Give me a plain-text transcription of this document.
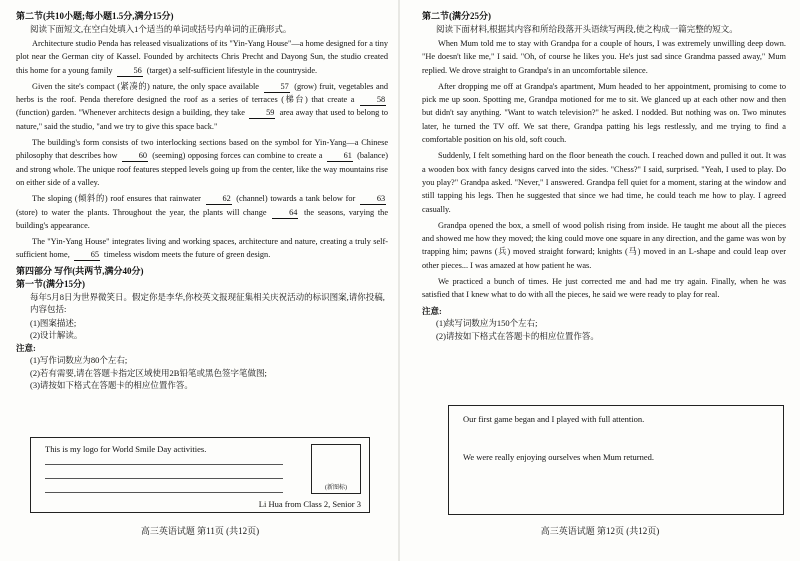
第二节(共10小题;每小题1.5分,满分15分)

阅读下面短文,在空白处填入1个适当的单词或括号内单词的正确形式。

Architecture studio Penda has released visualizations of its "Yin-Yang House"—a home designed for a tiny plot near the German city of Kassel. Founded by architects Chris Precht and Dayong Sun, the studio created this home for a young family	56 (target) a self-sufficient lifestyle in the countryside.

Given the site's compact (紧凑的) nature, the only space available	57 (grow) fruit, vegetables and herbs is the roof. Penda therefore designed the roof as a series of terraces (梯台) that create a	58 (function) garden. "Whenever architects design a building, they take	59 area away that used to belong to nature," said the studio, "and we try to give this space back."

The building's form consists of two interlocking sections based on the symbol for Yin-Yang—a Chinese philosophy that describes how	60 (seeming) opposing forces can combine to create a	61 (balance) and strong whole. The unique roof features stepped levels going up from the center, like the way mountains rise on either side of a valley.

The sloping (倾斜的) roof ensures that rainwater	62 (channel) towards a tank below for	63 (store) to water the plants. Throughout the year, the plants will change	64 the seasons, varying the building's appearance.

The "Yin-Yang House" integrates living and working spaces, architecture and nature, creating a truly self-sufficient home,	65 timeless wisdom meets the future of green design.

第四部分 写作(共两节,满分40分)

第一节(满分15分)

每年5月8日为世界微笑日。假定你是李华,你校英文报现征集相关庆祝活动的标识图案,请你投稿,内容包括:

(1)图案描述;

(2)设计解读。

注意:

(1)写作词数应为80个左右;

(2)若有需要,请在答题卡指定区域使用2B铅笔或黑色签字笔做图;

(3)请按如下格式在答题卡的相应位置作答。

高三英语试题 第11页 (共12页)
This is my logo for World Smile Day activities.
(新图标)
Li Hua from Class 2, Senior 3

第二节(满分25分)

阅读下面材料,根据其内容和所给段落开头语续写两段,使之构成一篇完整的短文。

When Mum told me to stay with Grandpa for a couple of hours, I was extremely unwilling deep down. "He doesn't like me," I said. "Oh, of course he likes you. He's just sad since Grandma passed away," Mum replied. We drove straight to Grandpa's in an uncomfortable silence.

After dropping me off at Grandpa's apartment, Mum headed to her appointment, promising to come to pick me up soon. Spotting me, Grandpa motioned for me to sit. We glanced up at each other now and then but didn't say anything. "Want to watch television?" he asked. I nodded. But nothing was on. Two minutes later, he turned the TV off. We sat there, Grandpa patting his legs restlessly, and me trying to find a comfortable position on his old, soft couch.

Suddenly, I felt something hard on the floor beneath the couch. I reached down and pulled it out. It was a wooden box with fancy designs carved into the sides. "Chess?" I said, surprised. "Yeah, I used to play. Do you play?" Grandpa asked. "Never," I answered. Grandpa fell quiet for a moment, staring at the window and still tapping his legs. Then he suggested that since we had time, he could teach me how to play. I agreed casually.

Grandpa opened the box, a smell of wood polish rising from inside. He taught me about all the pieces and showed me how they moved; the king could move one square in any direction, and the game was won by trapping him; pawns (兵) moved straight forward; knights (马) moved in an L-shape and could leap over other pieces... I was amazed at how patient he was.

We practiced a bunch of times. He just corrected me and had me try again. Finally, when he was satisfied that I knew what to do with all the pieces, he said we were ready to play for real.

注意:

(1)续写词数应为150个左右;

(2)请按如下格式在答题卡的相应位置作答。

高三英语试题 第12页 (共12页)
Our first game began and I played with full attention.
We were really enjoying ourselves when Mum returned.
